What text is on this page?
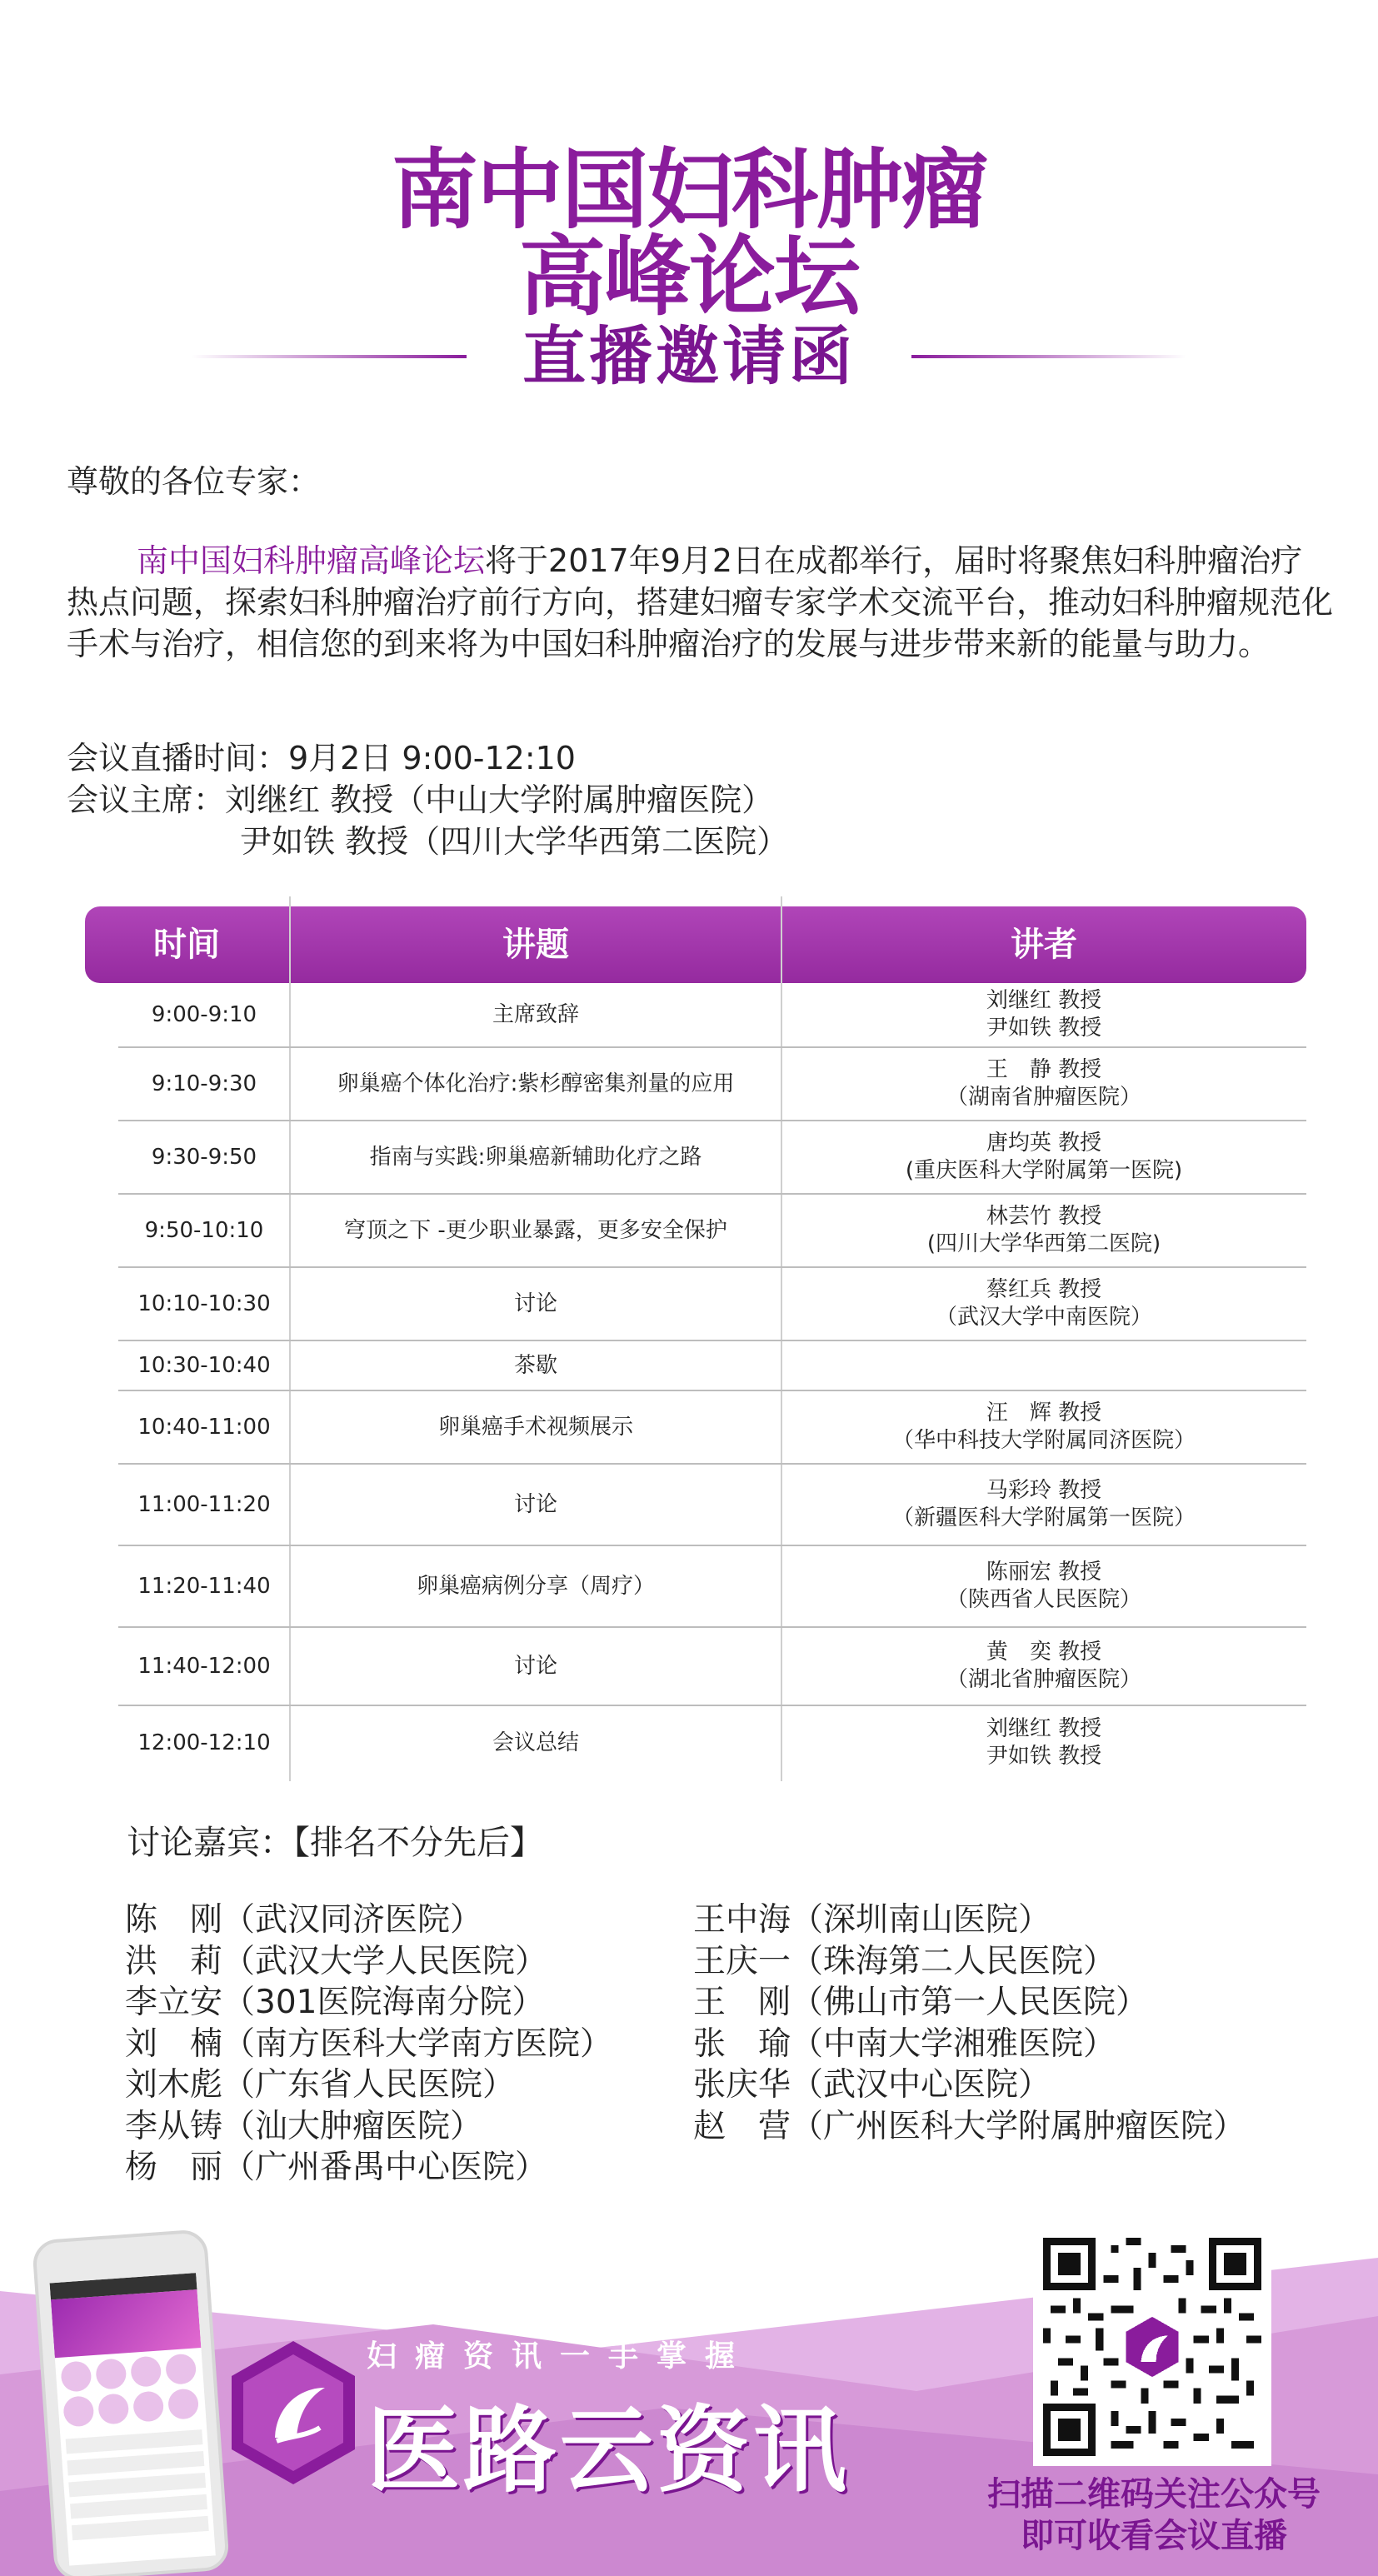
南中国妇科肿瘤
高峰论坛
直播邀请函
尊敬的各位专家：
南中国妇科肿瘤高峰论坛将于2017年9月2日在成都举行，届时将聚焦妇科肿瘤治疗热点问题，探索妇科肿瘤治疗前行方向，搭建妇瘤专家学术交流平台，推动妇科肿瘤规范化手术与治疗，相信您的到来将为中国妇科肿瘤治疗的发展与进步带来新的能量与助力。
会议直播时间：9月2日 9:00-12:10
会议主席：刘继红 教授（中山大学附属肿瘤医院）
尹如铁 教授（四川大学华西第二医院）
时间	讲题	讲者
9:00-9:10	主席致辞
刘继红 教授
尹如铁 教授
9:10-9:30	卵巢癌个体化治疗:紫杉醇密集剂量的应用
王　静 教授
（湖南省肿瘤医院）
9:30-9:50	指南与实践:卵巢癌新辅助化疗之路
唐均英 教授
(重庆医科大学附属第一医院)
9:50-10:10	穹顶之下 -更少职业暴露，更多安全保护
林芸竹 教授
(四川大学华西第二医院)
10:10-10:30	讨论
蔡红兵 教授
（武汉大学中南医院）
10:30-10:40	茶歇
10:40-11:00	卵巢癌手术视频展示
汪　辉 教授
（华中科技大学附属同济医院）
11:00-11:20	讨论
马彩玲 教授
（新疆医科大学附属第一医院）
11:20-11:40	卵巢癌病例分享（周疗）
陈丽宏 教授
（陕西省人民医院）
11:40-12:00	讨论
黄　奕 教授
（湖北省肿瘤医院）
12:00-12:10	会议总结
刘继红 教授
尹如铁 教授
讨论嘉宾：【排名不分先后】
陈　刚（武汉同济医院）
洪　莉（武汉大学人民医院）
李立安（301医院海南分院）
刘　楠（南方医科大学南方医院）
刘木彪（广东省人民医院）
李从铸（汕大肿瘤医院）
杨　丽（广州番禺中心医院）
王中海（深圳南山医院）
王庆一（珠海第二人民医院）
王　刚（佛山市第一人民医院）
张　瑜（中南大学湘雅医院）
张庆华（武汉中心医院）
赵　营（广州医科大学附属肿瘤医院）
妇瘤资讯一手掌握
医路云资讯	扫描二维码关注公众号
即可收看会议直播
